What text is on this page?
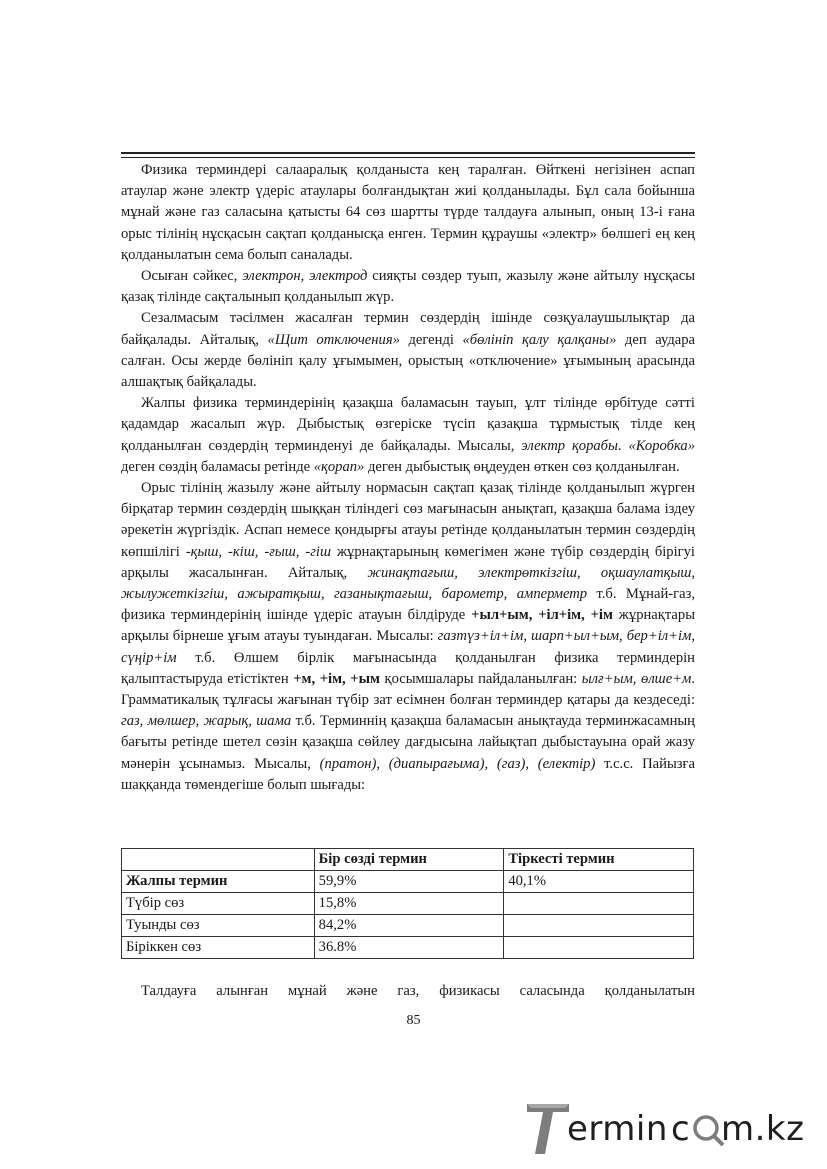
Физика терминдері салааралық қолданыста кең таралған. Өйткені негізінен аспап атаулар және электр үдеріс атаулары болғандықтан жиі қолданылады. Бұл сала бойынша мұнай және газ саласына қатысты 64 сөз шартты түрде талдауға алынып, оның 13-і ғана орыс тілінің нұсқасын сақтап қолданысқа енген. Термин құраушы «электр» бөлшегі ең кең қолданылатын сема болып саналады.

Осыған сәйкес, электрон, электрод сияқты сөздер туып, жазылу және айтылу нұсқасы қазақ тілінде сақталынып қолданылып жүр.

Сезалмасым тәсілмен жасалған термин сөздердің ішінде сөзқуалаушылықтар да байқалады. Айталық, «Щит отключения» дегенді «бөлініп қалу қалқаны» деп аудара салған. Осы жерде бөлініп қалу ұғымымен, орыстың «отключение» ұғымының арасында алшақтық байқалады.

Жалпы физика терминдерінің қазақша баламасын тауып, ұлт тілінде өрбітуде сәтті қадамдар жасалып жүр. Дыбыстық өзгеріске түсіп қазақша тұрмыстық тілде кең қолданылған сөздердің терминденуі де байқалады. Мысалы, электр қорабы. «Коробка» деген сөздің баламасы ретінде «қорап» деген дыбыстық өңдеуден өткен сөз қолданылған.

Орыс тілінің жазылу және айтылу нормасын сақтап қазақ тілінде қолданылып жүрген бірқатар термин сөздердің шыққан тіліндегі сөз мағынасын анықтап, қазақша балама іздеу әрекетін жүргіздік. Аспап немесе қондырғы атауы ретінде қолданылатын термин сөздердің көпшілігі -қыш, -кіш, -ғыш, -гіш жұрнақтарының көмегімен және түбір сөздердің бірігуі арқылы жасалынған. Айталық, жинақтағыш, электрөткізгіш, оқшаулатқыш, жылужеткізгіш, ажыратқыш, газанықтағыш, барометр, амперметр т.б. Мұнай-газ, физика терминдерінің ішінде үдеріс атауын білдіруде +ыл+ым, +іл+ім, +ім жұрнақтары арқылы бірнеше ұғым атауы туындаған. Мысалы: газтүз+іл+ім, шарп+ыл+ым, бер+іл+ім, сүңір+ім т.б. Өлшем бірлік мағынасында қолданылған физика терминдерін қалыптастыруда етістіктен +м, +ім, +ым қосымшалары пайдаланылған: ылғ+ым, өлше+м. Грамматикалық тұлғасы жағынан түбір зат есімнен болған терминдер қатары да кездеседі: газ, мөлшер, жарық, шама т.б. Терминнің қазақша баламасын анықтауда терминжасамның бағыты ретінде шетел сөзін қазақша сөйлеу дағдысына лайықтап дыбыстауына орай жазу мәнерін ұсынамыз. Мысалы, (пратон), (диапырағыма), (газ), (електір) т.с.с. Пайызға шаққанда төмендегіше болып шығады:

	Бір сөзді термин	Тіркесті термин
Жалпы термин	59,9%	40,1%
Түбір сөз	15,8%	
Туынды сөз	84,2%	
Біріккен сөз	36.8%	
Талдауға алынған мұнай және газ, физикасы саласында қолданылатын
85
ermin c m.kz
